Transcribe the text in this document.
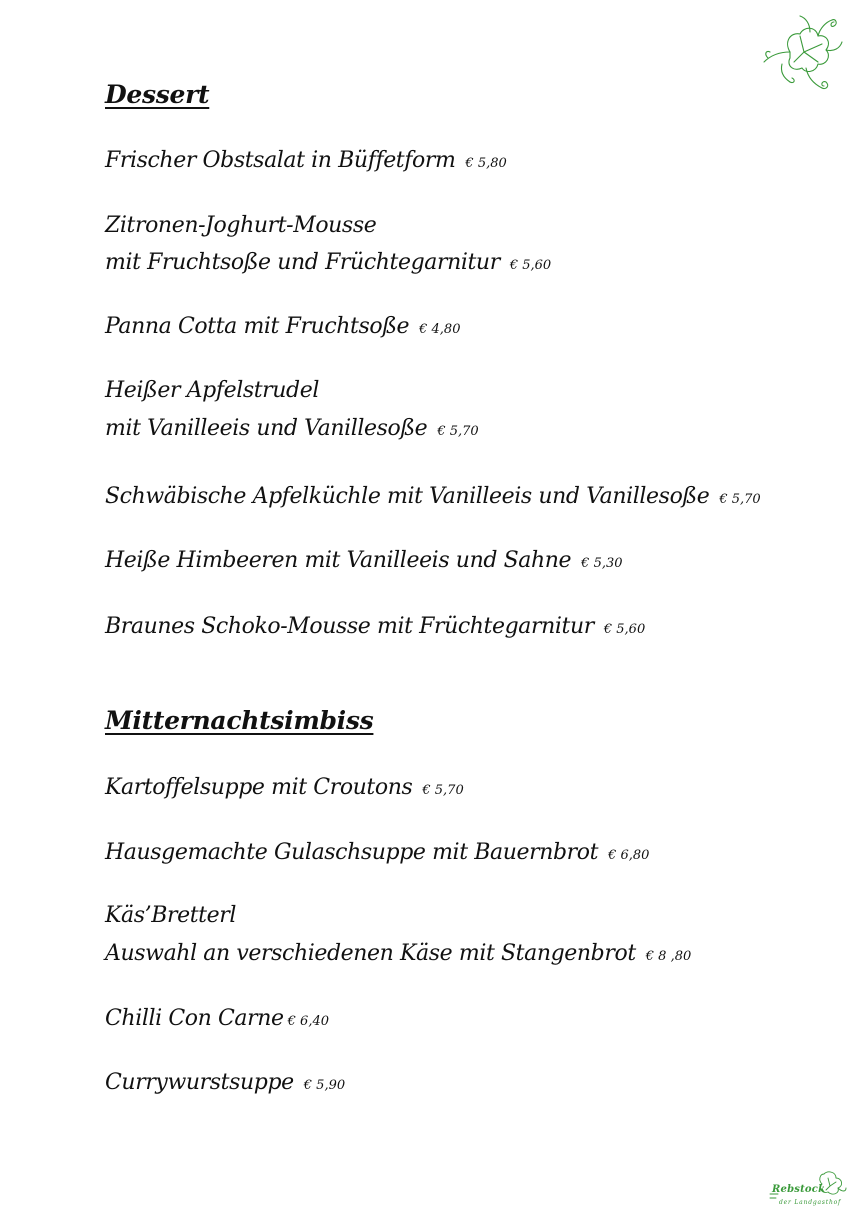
Dessert
Frischer Obstsalat in Büffetform € 5,80
Zitronen-Joghurt-Mousse
mit Fruchtsoße und Früchtegarnitur € 5,60
Panna Cotta mit Fruchtsoße € 4,80
Heißer Apfelstrudel
mit Vanilleeis und Vanillesoße € 5,70
Schwäbische Apfelküchle mit Vanilleeis und Vanillesoße € 5,70
Heiße Himbeeren mit Vanilleeis und Sahne € 5,30
Braunes Schoko-Mousse mit Früchtegarnitur € 5,60
Mitternachtsimbiss
Kartoffelsuppe mit Croutons € 5,70
Hausgemachte Gulaschsuppe mit Bauernbrot € 6,80
Käs’Bretterl
Auswahl an verschiedenen Käse mit Stangenbrot € 8 ,80
Chilli Con Carne € 6,40
Currywurstsuppe € 5,90
Rebstock
der Landgasthof
